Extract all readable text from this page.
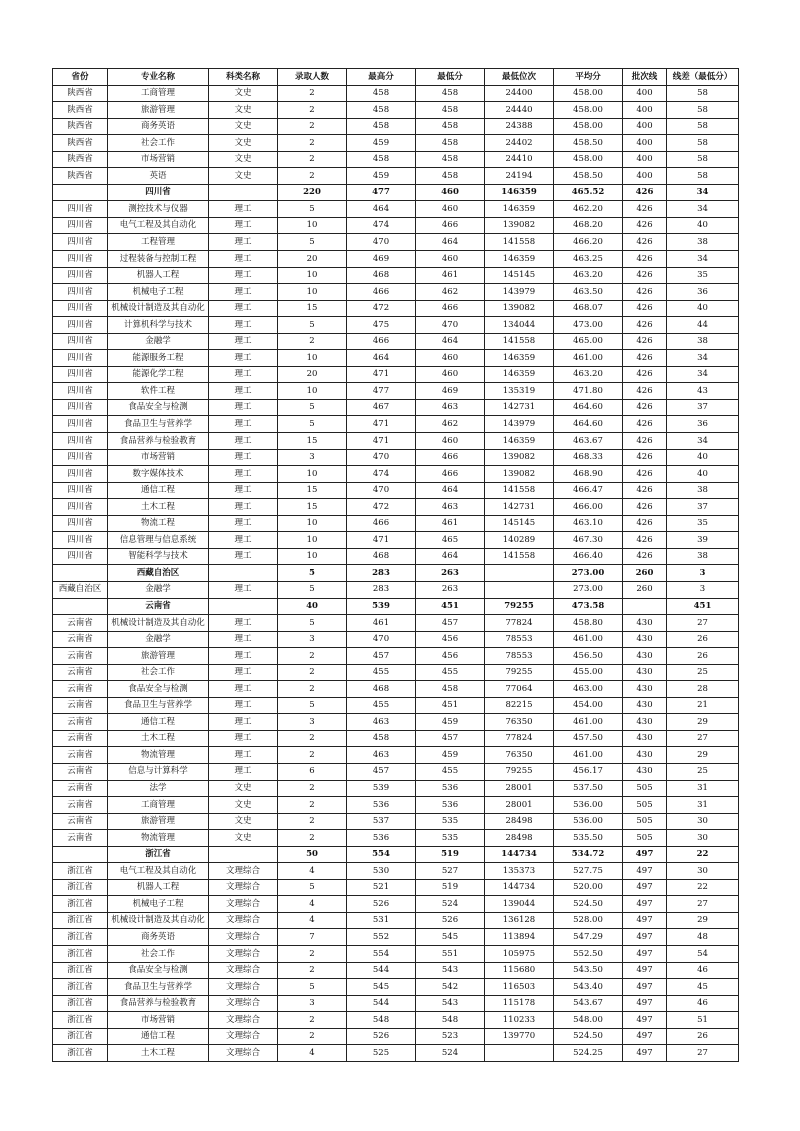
省份	专业名称	科类名称	录取人数	最高分	最低分	最低位次	平均分	批次线	线差（最低分）
陕西省	工商管理	文史	2	458	458	24400	458.00	400	58
陕西省	旅游管理	文史	2	458	458	24440	458.00	400	58
陕西省	商务英语	文史	2	458	458	24388	458.00	400	58
陕西省	社会工作	文史	2	459	458	24402	458.50	400	58
陕西省	市场营销	文史	2	458	458	24410	458.00	400	58
陕西省	英语	文史	2	459	458	24194	458.50	400	58
	四川省		220	477	460	146359	465.52	426	34
四川省	测控技术与仪器	理工	5	464	460	146359	462.20	426	34
四川省	电气工程及其自动化	理工	10	474	466	139082	468.20	426	40
四川省	工程管理	理工	5	470	464	141558	466.20	426	38
四川省	过程装备与控制工程	理工	20	469	460	146359	463.25	426	34
四川省	机器人工程	理工	10	468	461	145145	463.20	426	35
四川省	机械电子工程	理工	10	466	462	143979	463.50	426	36
四川省	机械设计制造及其自动化	理工	15	472	466	139082	468.07	426	40
四川省	计算机科学与技术	理工	5	475	470	134044	473.00	426	44
四川省	金融学	理工	2	466	464	141558	465.00	426	38
四川省	能源服务工程	理工	10	464	460	146359	461.00	426	34
四川省	能源化学工程	理工	20	471	460	146359	463.20	426	34
四川省	软件工程	理工	10	477	469	135319	471.80	426	43
四川省	食品安全与检测	理工	5	467	463	142731	464.60	426	37
四川省	食品卫生与营养学	理工	5	471	462	143979	464.60	426	36
四川省	食品营养与检验教育	理工	15	471	460	146359	463.67	426	34
四川省	市场营销	理工	3	470	466	139082	468.33	426	40
四川省	数字媒体技术	理工	10	474	466	139082	468.90	426	40
四川省	通信工程	理工	15	470	464	141558	466.47	426	38
四川省	土木工程	理工	15	472	463	142731	466.00	426	37
四川省	物流工程	理工	10	466	461	145145	463.10	426	35
四川省	信息管理与信息系统	理工	10	471	465	140289	467.30	426	39
四川省	智能科学与技术	理工	10	468	464	141558	466.40	426	38
	西藏自治区		5	283	263		273.00	260	3
西藏自治区	金融学	理工	5	283	263		273.00	260	3
	云南省		40	539	451	79255	473.58		451
云南省	机械设计制造及其自动化	理工	5	461	457	77824	458.80	430	27
云南省	金融学	理工	3	470	456	78553	461.00	430	26
云南省	旅游管理	理工	2	457	456	78553	456.50	430	26
云南省	社会工作	理工	2	455	455	79255	455.00	430	25
云南省	食品安全与检测	理工	2	468	458	77064	463.00	430	28
云南省	食品卫生与营养学	理工	5	455	451	82215	454.00	430	21
云南省	通信工程	理工	3	463	459	76350	461.00	430	29
云南省	土木工程	理工	2	458	457	77824	457.50	430	27
云南省	物流管理	理工	2	463	459	76350	461.00	430	29
云南省	信息与计算科学	理工	6	457	455	79255	456.17	430	25
云南省	法学	文史	2	539	536	28001	537.50	505	31
云南省	工商管理	文史	2	536	536	28001	536.00	505	31
云南省	旅游管理	文史	2	537	535	28498	536.00	505	30
云南省	物流管理	文史	2	536	535	28498	535.50	505	30
	浙江省		50	554	519	144734	534.72	497	22
浙江省	电气工程及其自动化	文理综合	4	530	527	135373	527.75	497	30
浙江省	机器人工程	文理综合	5	521	519	144734	520.00	497	22
浙江省	机械电子工程	文理综合	4	526	524	139044	524.50	497	27
浙江省	机械设计制造及其自动化	文理综合	4	531	526	136128	528.00	497	29
浙江省	商务英语	文理综合	7	552	545	113894	547.29	497	48
浙江省	社会工作	文理综合	2	554	551	105975	552.50	497	54
浙江省	食品安全与检测	文理综合	2	544	543	115680	543.50	497	46
浙江省	食品卫生与营养学	文理综合	5	545	542	116503	543.40	497	45
浙江省	食品营养与检验教育	文理综合	3	544	543	115178	543.67	497	46
浙江省	市场营销	文理综合	2	548	548	110233	548.00	497	51
浙江省	通信工程	文理综合	2	526	523	139770	524.50	497	26
浙江省	土木工程	文理综合	4	525	524		524.25	497	27
